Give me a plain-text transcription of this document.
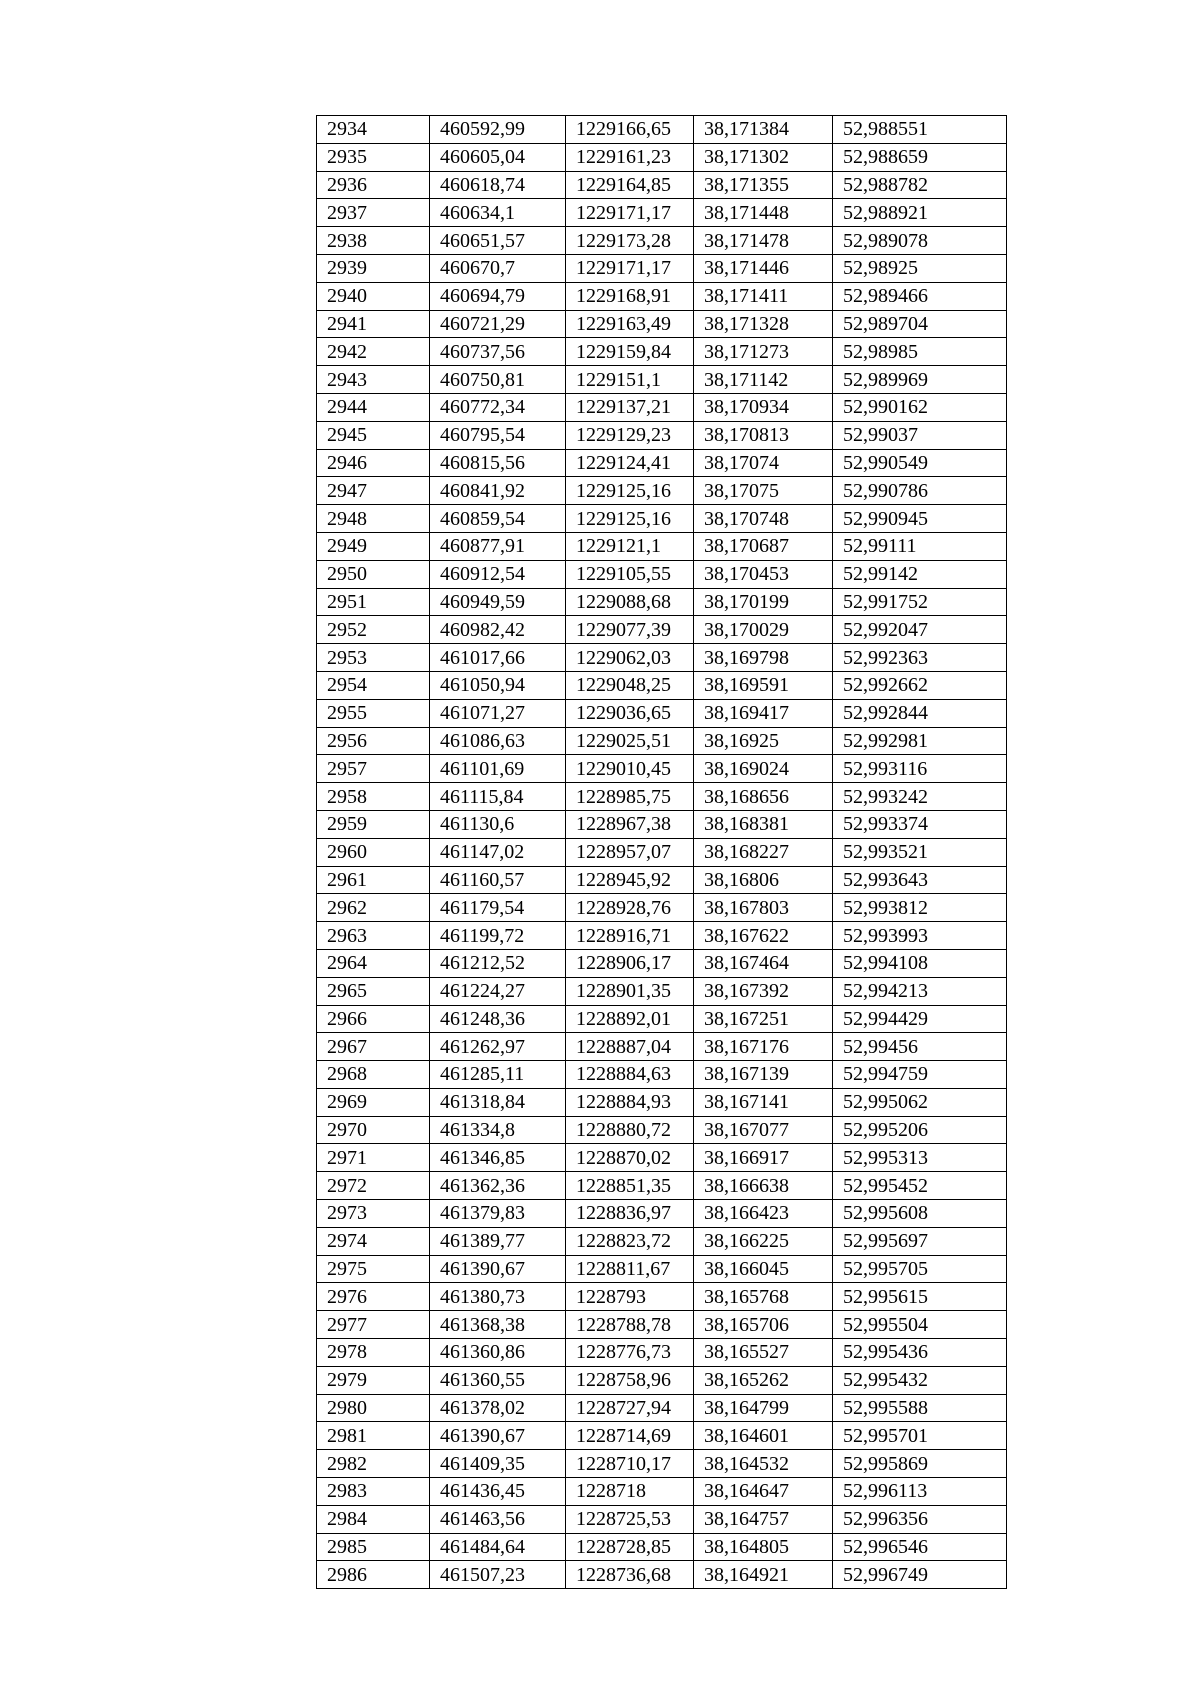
2934	460592,99	1229166,65	38,171384	52,988551
2935	460605,04	1229161,23	38,171302	52,988659
2936	460618,74	1229164,85	38,171355	52,988782
2937	460634,1	1229171,17	38,171448	52,988921
2938	460651,57	1229173,28	38,171478	52,989078
2939	460670,7	1229171,17	38,171446	52,98925
2940	460694,79	1229168,91	38,171411	52,989466
2941	460721,29	1229163,49	38,171328	52,989704
2942	460737,56	1229159,84	38,171273	52,98985
2943	460750,81	1229151,1	38,171142	52,989969
2944	460772,34	1229137,21	38,170934	52,990162
2945	460795,54	1229129,23	38,170813	52,99037
2946	460815,56	1229124,41	38,17074	52,990549
2947	460841,92	1229125,16	38,17075	52,990786
2948	460859,54	1229125,16	38,170748	52,990945
2949	460877,91	1229121,1	38,170687	52,99111
2950	460912,54	1229105,55	38,170453	52,99142
2951	460949,59	1229088,68	38,170199	52,991752
2952	460982,42	1229077,39	38,170029	52,992047
2953	461017,66	1229062,03	38,169798	52,992363
2954	461050,94	1229048,25	38,169591	52,992662
2955	461071,27	1229036,65	38,169417	52,992844
2956	461086,63	1229025,51	38,16925	52,992981
2957	461101,69	1229010,45	38,169024	52,993116
2958	461115,84	1228985,75	38,168656	52,993242
2959	461130,6	1228967,38	38,168381	52,993374
2960	461147,02	1228957,07	38,168227	52,993521
2961	461160,57	1228945,92	38,16806	52,993643
2962	461179,54	1228928,76	38,167803	52,993812
2963	461199,72	1228916,71	38,167622	52,993993
2964	461212,52	1228906,17	38,167464	52,994108
2965	461224,27	1228901,35	38,167392	52,994213
2966	461248,36	1228892,01	38,167251	52,994429
2967	461262,97	1228887,04	38,167176	52,99456
2968	461285,11	1228884,63	38,167139	52,994759
2969	461318,84	1228884,93	38,167141	52,995062
2970	461334,8	1228880,72	38,167077	52,995206
2971	461346,85	1228870,02	38,166917	52,995313
2972	461362,36	1228851,35	38,166638	52,995452
2973	461379,83	1228836,97	38,166423	52,995608
2974	461389,77	1228823,72	38,166225	52,995697
2975	461390,67	1228811,67	38,166045	52,995705
2976	461380,73	1228793	38,165768	52,995615
2977	461368,38	1228788,78	38,165706	52,995504
2978	461360,86	1228776,73	38,165527	52,995436
2979	461360,55	1228758,96	38,165262	52,995432
2980	461378,02	1228727,94	38,164799	52,995588
2981	461390,67	1228714,69	38,164601	52,995701
2982	461409,35	1228710,17	38,164532	52,995869
2983	461436,45	1228718	38,164647	52,996113
2984	461463,56	1228725,53	38,164757	52,996356
2985	461484,64	1228728,85	38,164805	52,996546
2986	461507,23	1228736,68	38,164921	52,996749
